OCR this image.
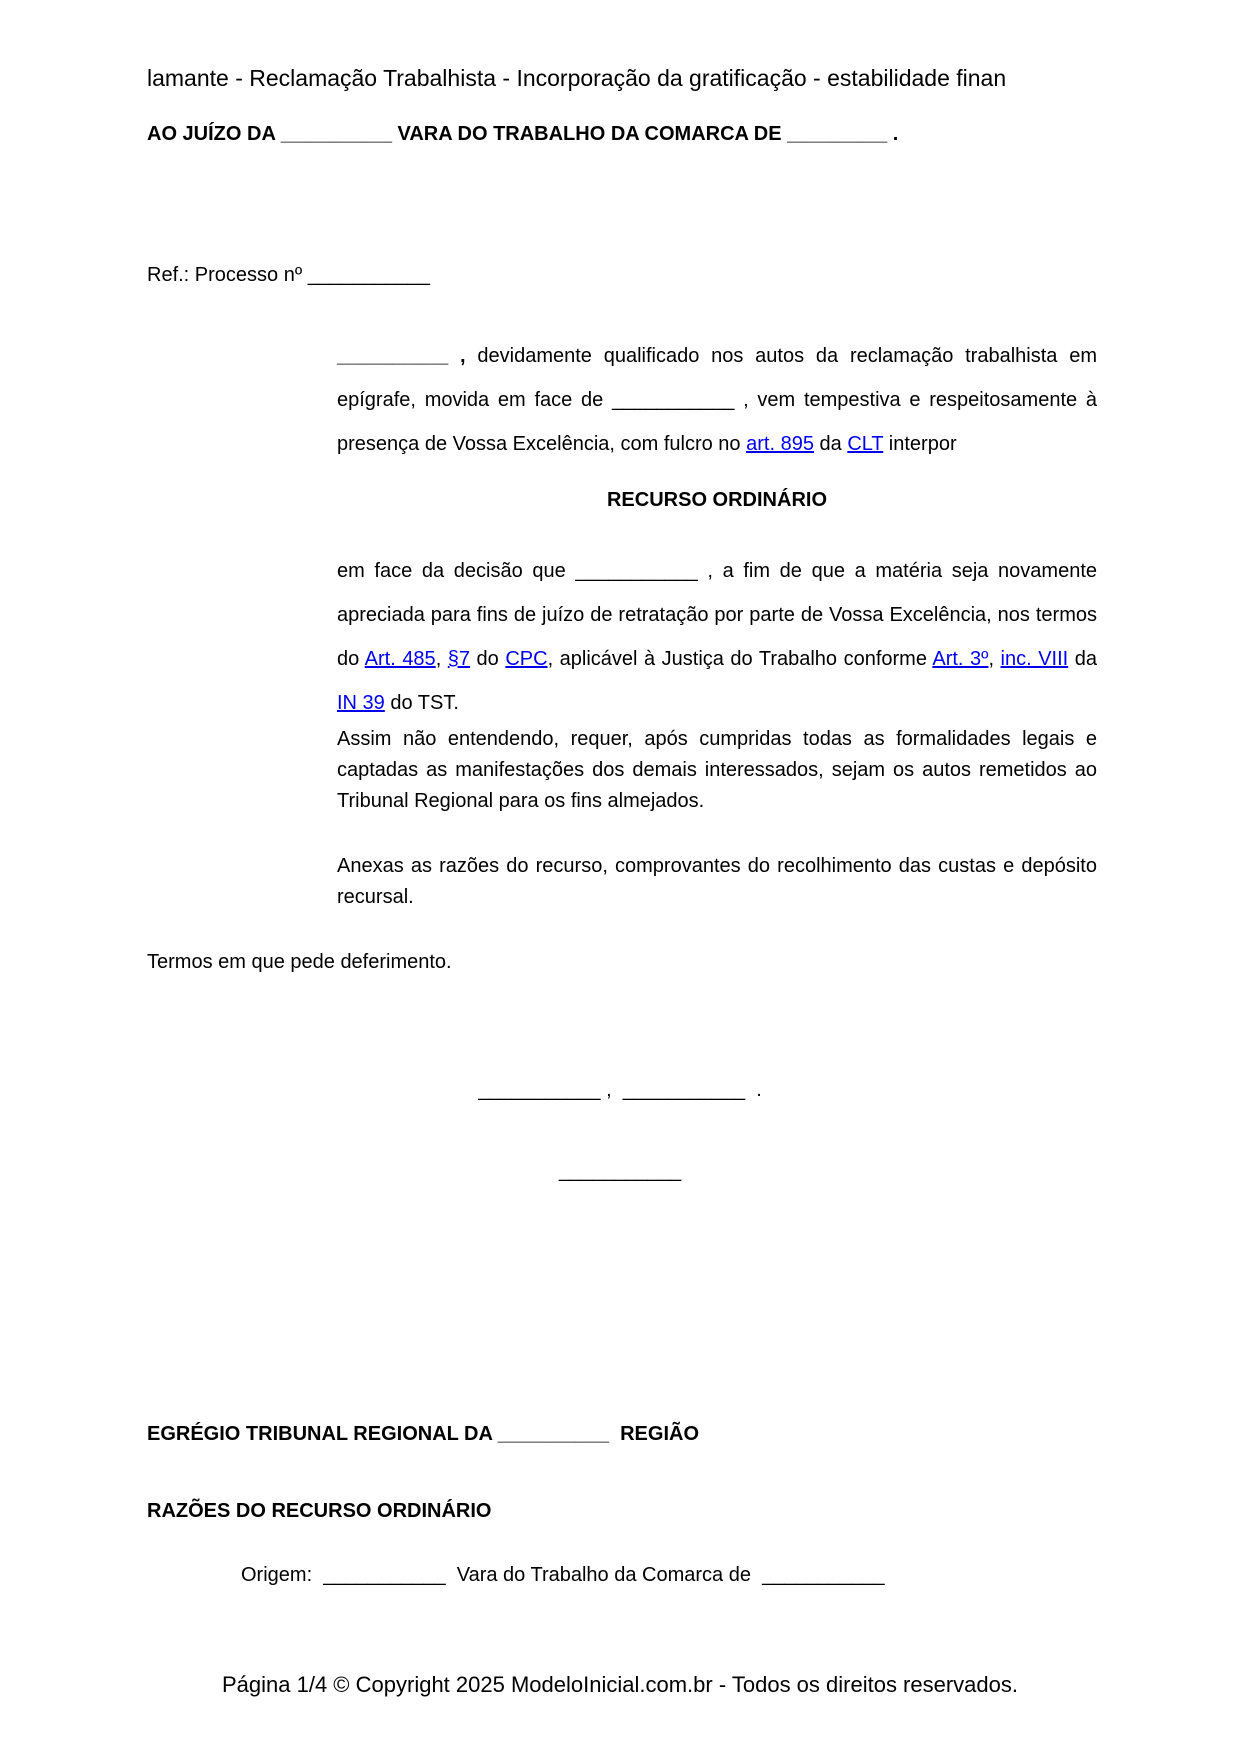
lamante - Reclamação Trabalhista - Incorporação da gratificação - estabilidade finan
AO JUÍZO DA __________ VARA DO TRABALHO DA COMARCA DE _________ .
Ref.: Processo nº ___________

__________ , devidamente qualificado nos autos da reclamação trabalhista em epígrafe, movida em face de ___________ , vem tempestiva e respeitosamente à presença de Vossa Excelência, com fulcro no art. 895 da CLT interpor

RECURSO ORDINÁRIO

em face da decisão que ___________ , a fim de que a matéria seja novamente apreciada para fins de juízo de retratação por parte de Vossa Excelência, nos termos do Art. 485, §7 do CPC, aplicável à Justiça do Trabalho conforme Art. 3º, inc. VIII da IN 39 do TST.

Assim não entendendo, requer, após cumpridas todas as formalidades legais e captadas as manifestações dos demais interessados, sejam os autos remetidos ao Tribunal Regional para os fins almejados.

Anexas as razões do recurso, comprovantes do recolhimento das custas e depósito recursal.

Termos em que pede deferimento.
___________ ,  ___________  .
___________
EGRÉGIO TRIBUNAL REGIONAL DA __________  REGIÃO
RAZÕES DO RECURSO ORDINÁRIO
Origem:  ___________  Vara do Trabalho da Comarca de  ___________
Página 1/4 © Copyright 2025 ModeloInicial.com.br - Todos os direitos reservados.
